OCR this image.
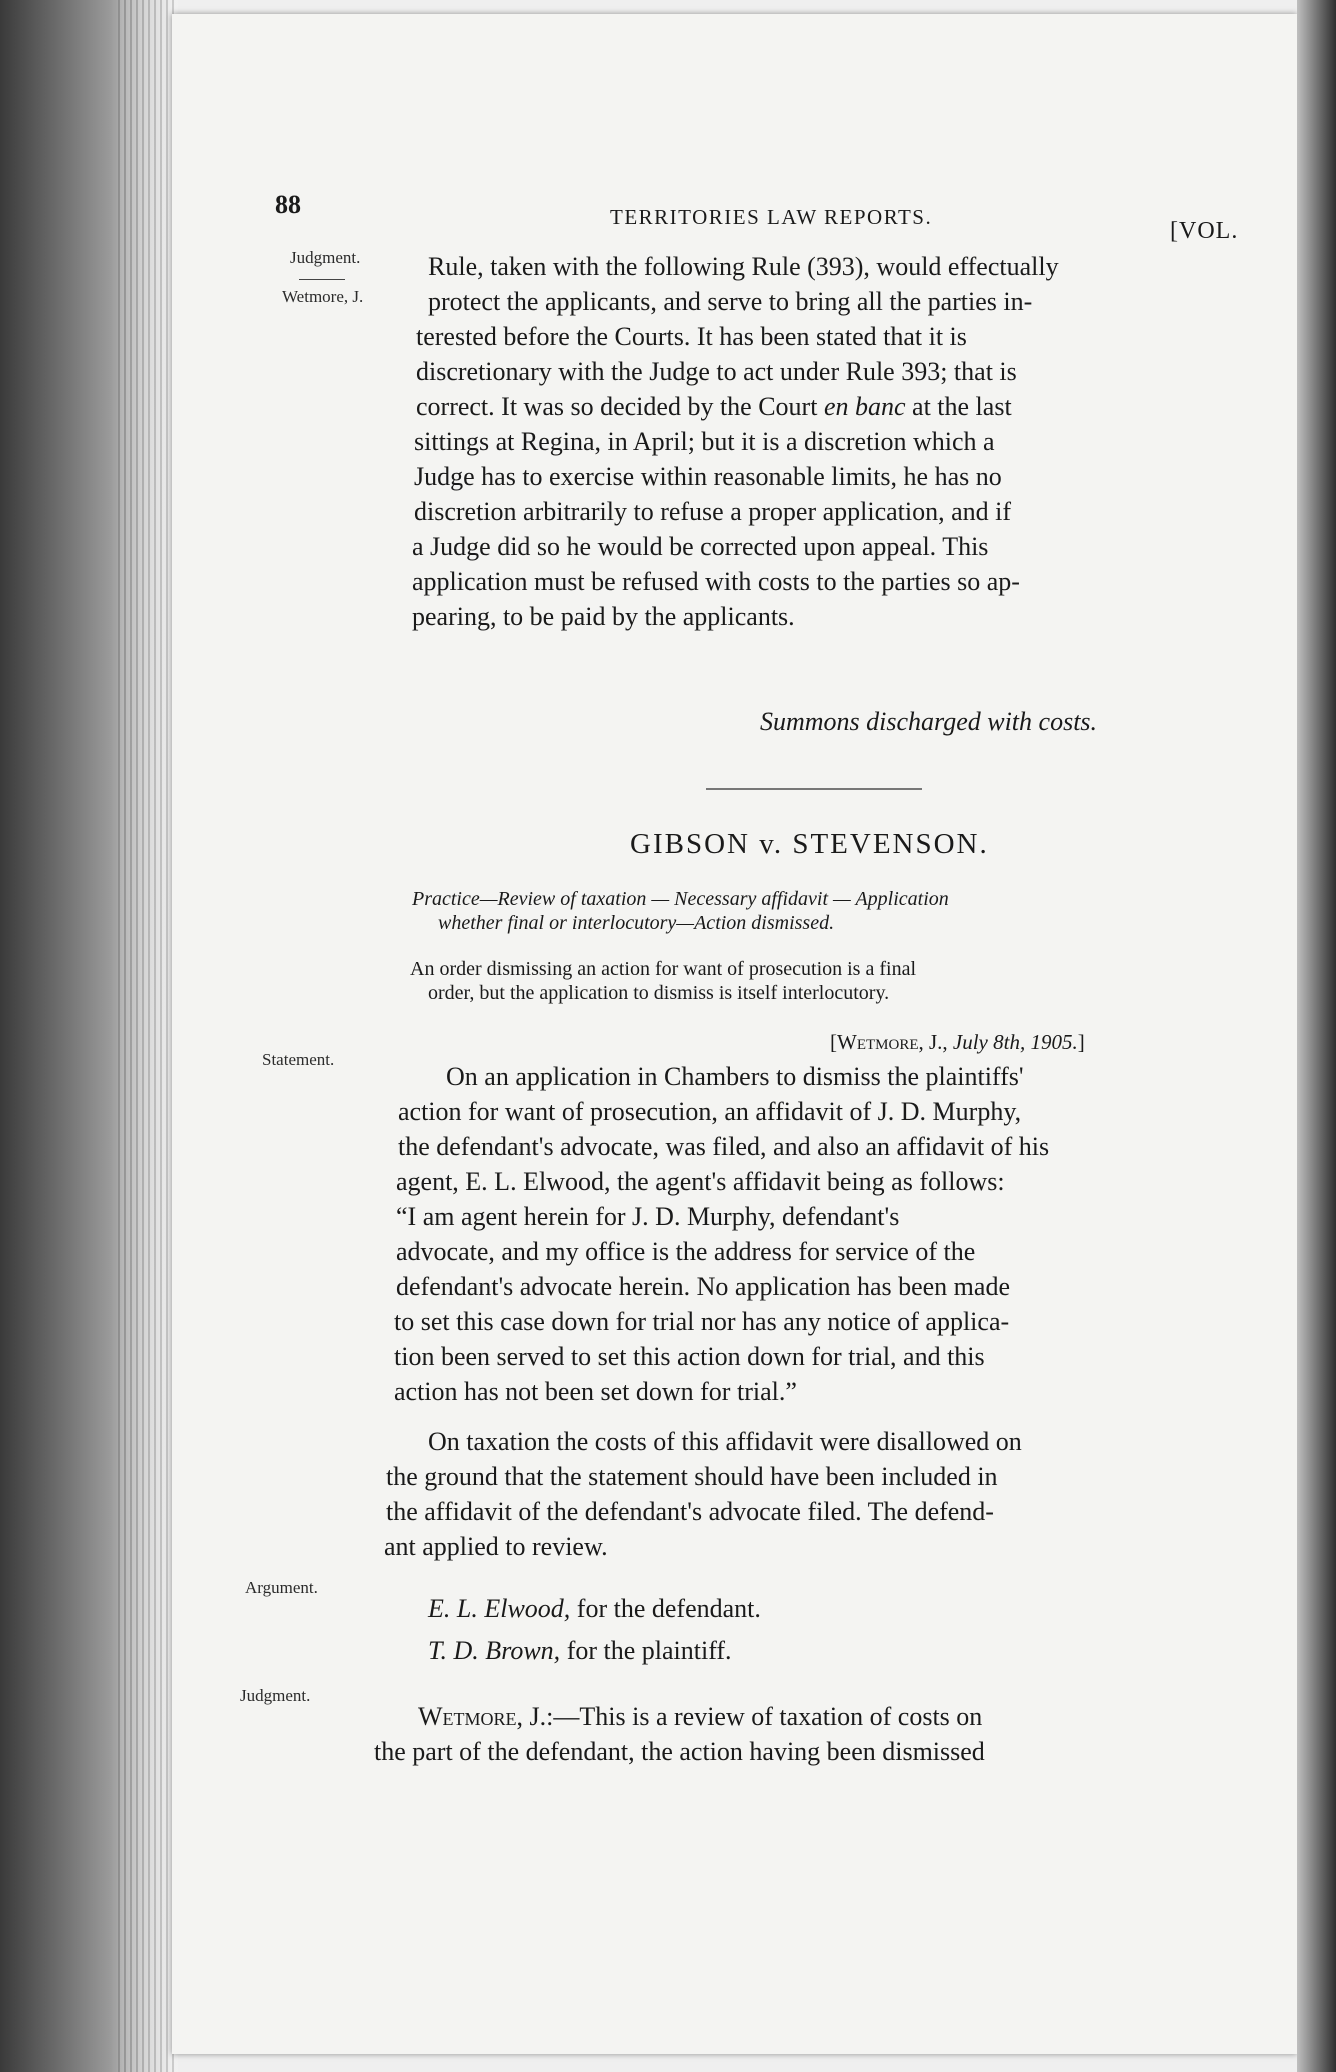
88	TERRITORIES LAW REPORTS.
[VOL.
Judgment.
Wetmore, J.
Statement.
Argument.
Judgment.
Rule, taken with the following Rule (393), would effectually
protect the applicants, and serve to bring all the parties in-
terested before the Courts. It has been stated that it is
discretionary with the Judge to act under Rule 393; that is
correct. It was so decided by the Court en banc at the last
sittings at Regina, in April; but it is a discretion which a
Judge has to exercise within reasonable limits, he has no
discretion arbitrarily to refuse a proper application, and if
a Judge did so he would be corrected upon appeal. This
application must be refused with costs to the parties so ap-
pearing, to be paid by the applicants.
Summons discharged with costs.
GIBSON v. STEVENSON.
Practice—Review of taxation — Necessary affidavit — Application
whether final or interlocutory—Action dismissed.
An order dismissing an action for want of prosecution is a final
order, but the application to dismiss is itself interlocutory.
[Wetmore, J., July 8th, 1905.]
On an application in Chambers to dismiss the plaintiffs'
action for want of prosecution, an affidavit of J. D. Murphy,
the defendant's advocate, was filed, and also an affidavit of his
agent, E. L. Elwood, the agent's affidavit being as follows:
“I am agent herein for J. D. Murphy, defendant's
advocate, and my office is the address for service of the
defendant's advocate herein. No application has been made
to set this case down for trial nor has any notice of applica-
tion been served to set this action down for trial, and this
action has not been set down for trial.”
On taxation the costs of this affidavit were disallowed on
the ground that the statement should have been included in
the affidavit of the defendant's advocate filed. The defend-
ant applied to review.
E. L. Elwood, for the defendant.
T. D. Brown, for the plaintiff.
Wetmore, J.:—This is a review of taxation of costs on
the part of the defendant, the action having been dismissed
